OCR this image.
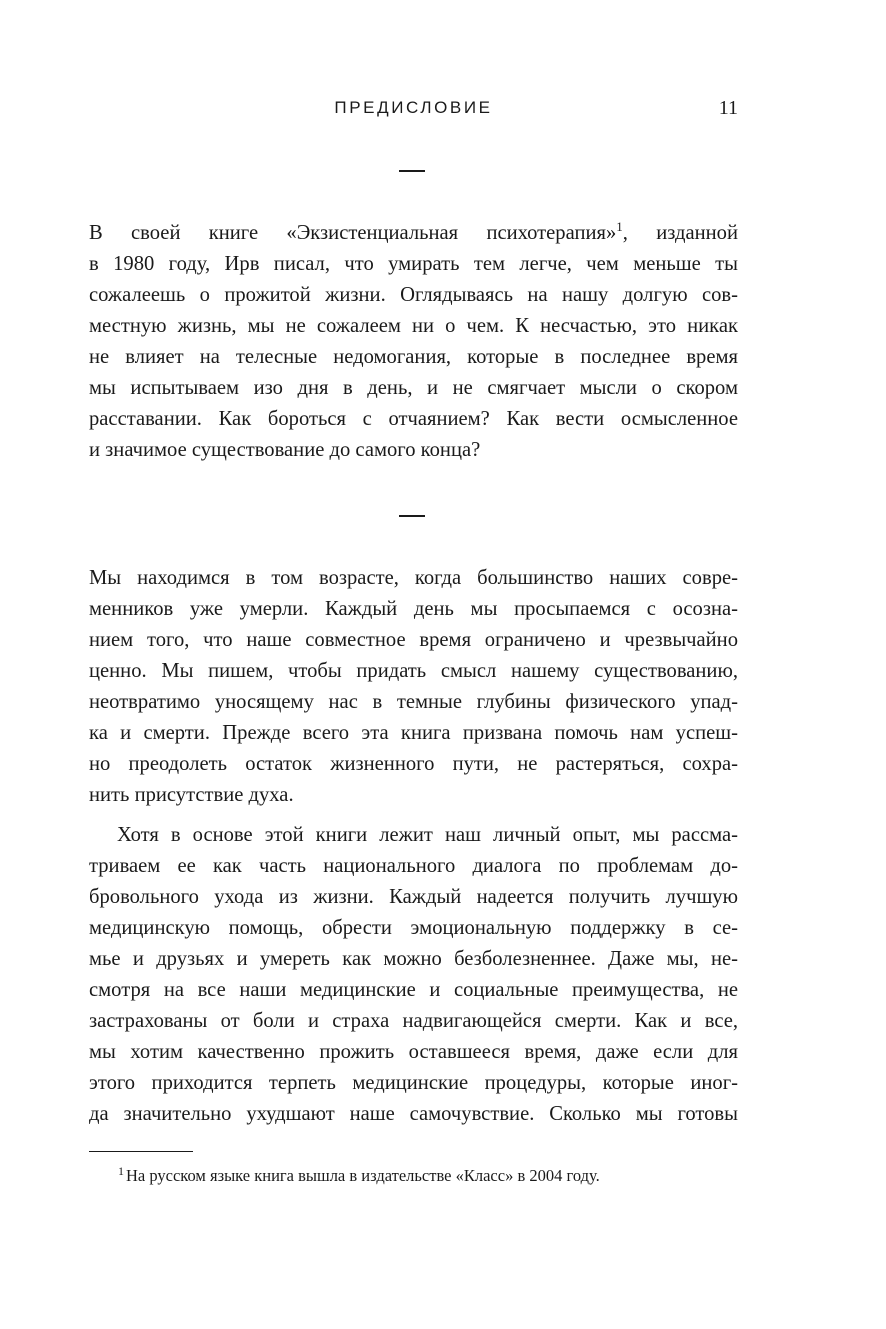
ПРЕДИСЛОВИЕ	11

В своей книге «Экзистенциальная психотерапия»$^1$, изданной

в 1980 году, Ирв писал, что умирать тем легче, чем меньше ты

сожалеешь о прожитой жизни. Оглядываясь на нашу долгую сов-

местную жизнь, мы не сожалеем ни о чем. К несчастью, это никак

не влияет на телесные недомогания, которые в последнее время

мы испытываем изо дня в день, и не смягчает мысли о скором

расставании. Как бороться с отчаянием? Как вести осмысленное

и значимое существование до самого конца?

Мы находимся в том возрасте, когда большинство наших совре-

менников уже умерли. Каждый день мы просыпаемся с осозна-

нием того, что наше совместное время ограничено и чрезвычайно

ценно. Мы пишем, чтобы придать смысл нашему существованию,

неотвратимо уносящему нас в темные глубины физического упад-

ка и смерти. Прежде всего эта книга призвана помочь нам успеш-

но преодолеть остаток жизненного пути, не растеряться, сохра-

нить присутствие духа.

Хотя в основе этой книги лежит наш личный опыт, мы рассма-

триваем ее как часть национального диалога по проблемам до-

бровольного ухода из жизни. Каждый надеется получить лучшую

медицинскую помощь, обрести эмоциональную поддержку в се-

мье и друзьях и умереть как можно безболезненнее. Даже мы, не-

смотря на все наши медицинские и социальные преимущества, не

застрахованы от боли и страха надвигающейся смерти. Как и все,

мы хотим качественно прожить оставшееся время, даже если для

этого приходится терпеть медицинские процедуры, которые иног-

да значительно ухудшают наше самочувствие. Сколько мы готовы

$^1$ На русском языке книга вышла в издательстве «Класс» в 2004 году.
